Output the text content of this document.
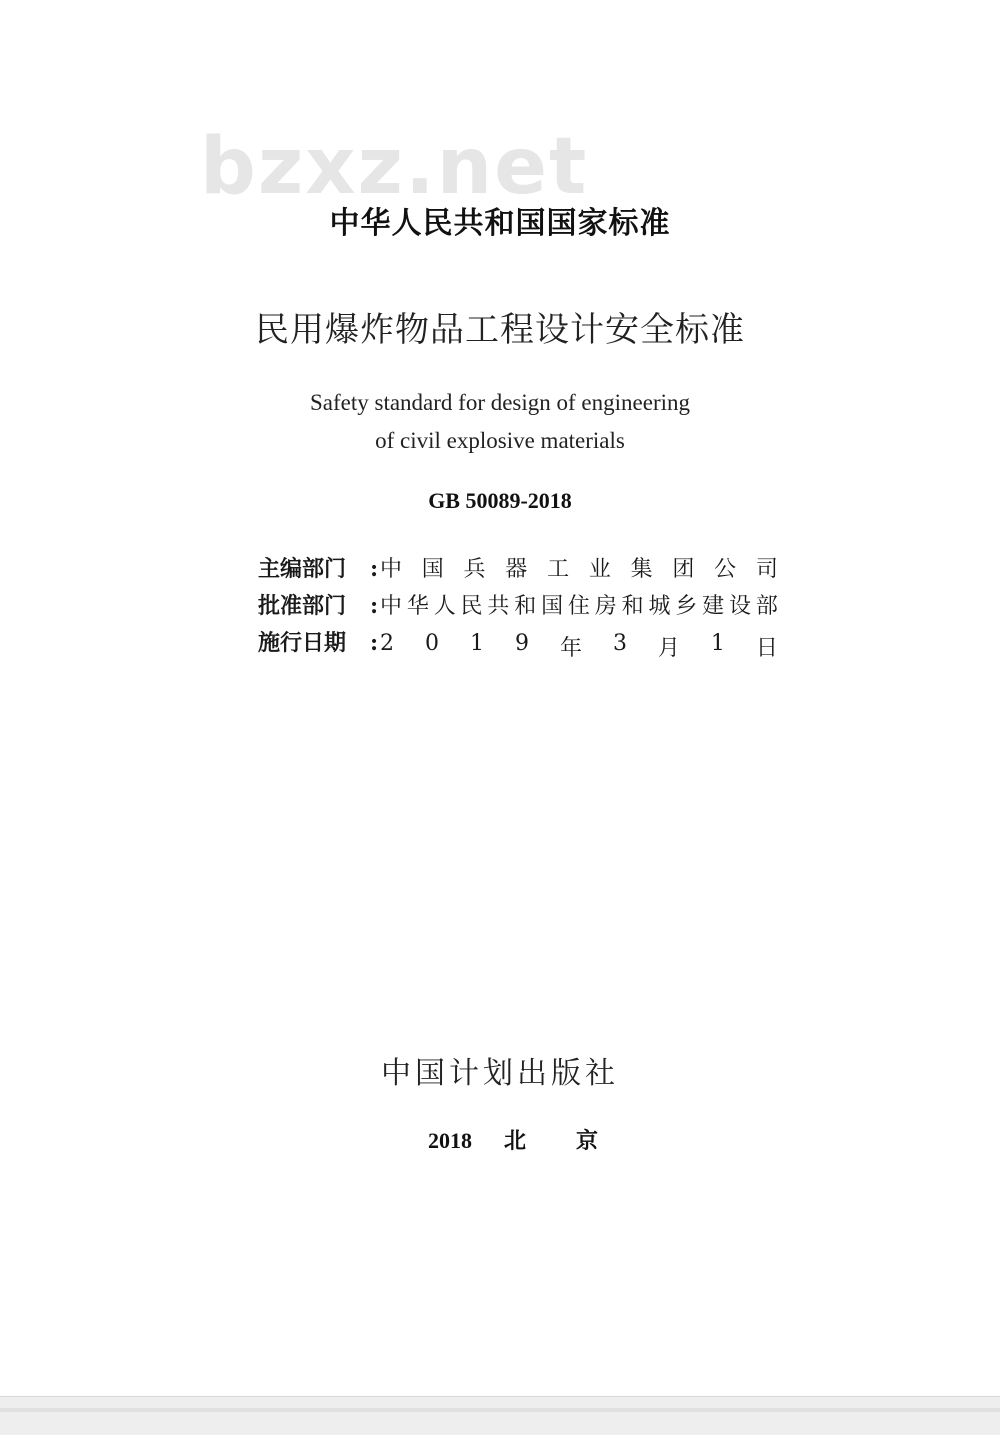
bzxz.net
中华人民共和国国家标准
民用爆炸物品工程设计安全标准
Safety standard for design of engineering
of civil explosive materials
GB 50089-2018
主编部门	: 中 国 兵 器 工 业 集 团 公 司
批准部门	: 中 华 人 民 共 和 国 住 房 和 城 乡 建 设 部
施行日期	: 2 0 1 9 年 3 月 1 日
中国计划出版社
2018 北 京
